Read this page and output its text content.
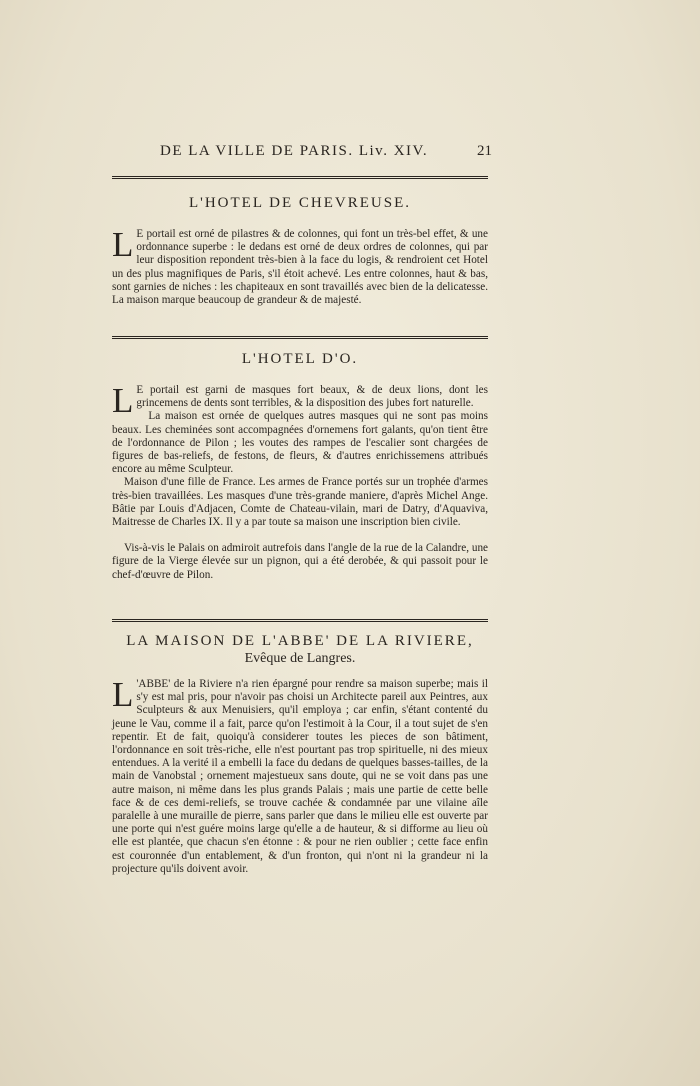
DE LA VILLE DE PARIS. Liv. XIV.	21
L'HOTEL DE CHEVREUSE.

L E portail est orné de pilastres & de colonnes, qui font un très-bel effet, & une ordonnance superbe : le dedans est orné de deux ordres de colonnes, qui par leur disposition repondent très-bien à la face du logis, & rendroient cet Hotel un des plus magnifiques de Paris, s'il étoit achevé. Les entre colonnes, haut & bas, sont garnies de niches : les chapiteaux en sont travaillés avec bien de la delicatesse. La maison marque beaucoup de grandeur & de majesté.

L'HOTEL D'O.

L E portail est garni de masques fort beaux, & de deux lions, dont les grincemens de dents sont terribles, & la disposition des jubes fort naturelle.

La maison est ornée de quelques autres masques qui ne sont pas moins beaux. Les cheminées sont accompagnées d'ornemens fort galants, qu'on tient être de l'ordonnance de Pilon ; les voutes des rampes de l'escalier sont chargées de figures de bas-reliefs, de festons, de fleurs, & d'autres enrichissemens attribués encore au même Sculpteur.

Maison d'une fille de France. Les armes de France portés sur un trophée d'armes très-bien travaillées. Les masques d'une très-grande maniere, d'après Michel Ange. Bâtie par Louis d'Adjacen, Comte de Chateau-vilain, mari de Datry, d'Aquaviva, Maitresse de Charles IX. Il y a par toute sa maison une inscription bien civile.

Vis-à-vis le Palais on admiroit autrefois dans l'angle de la rue de la Calandre, une figure de la Vierge élevée sur un pignon, qui a été derobée, & qui passoit pour le chef-d'œuvre de Pilon.

LA MAISON DE L'ABBE' DE LA RIVIERE,
Evêque de Langres.

L 'ABBE' de la Riviere n'a rien épargné pour rendre sa maison superbe; mais il s'y est mal pris, pour n'avoir pas choisi un Architecte pareil aux Peintres, aux Sculpteurs & aux Menuisiers, qu'il employa ; car enfin, s'étant contenté du jeune le Vau, comme il a fait, parce qu'on l'estimoit à la Cour, il a tout sujet de s'en repentir. Et de fait, quoiqu'à considerer toutes les pieces de son bâtiment, l'ordonnance en soit très-riche, elle n'est pourtant pas trop spirituelle, ni des mieux entendues. A la verité il a embelli la face du dedans de quelques basses-tailles, de la main de Vanobstal ; ornement majestueux sans doute, qui ne se voit dans pas une autre maison, ni même dans les plus grands Palais ; mais une partie de cette belle face & de ces demi-reliefs, se trouve cachée & condamnée par une vilaine aîle paralelle à une muraille de pierre, sans parler que dans le milieu elle est ouverte par une porte qui n'est guére moins large qu'elle a de hauteur, & si difforme au lieu où elle est plantée, que chacun s'en étonne : & pour ne rien oublier ; cette face enfin est couronnée d'un entablement, & d'un fronton, qui n'ont ni la grandeur ni la projecture qu'ils doivent avoir.
